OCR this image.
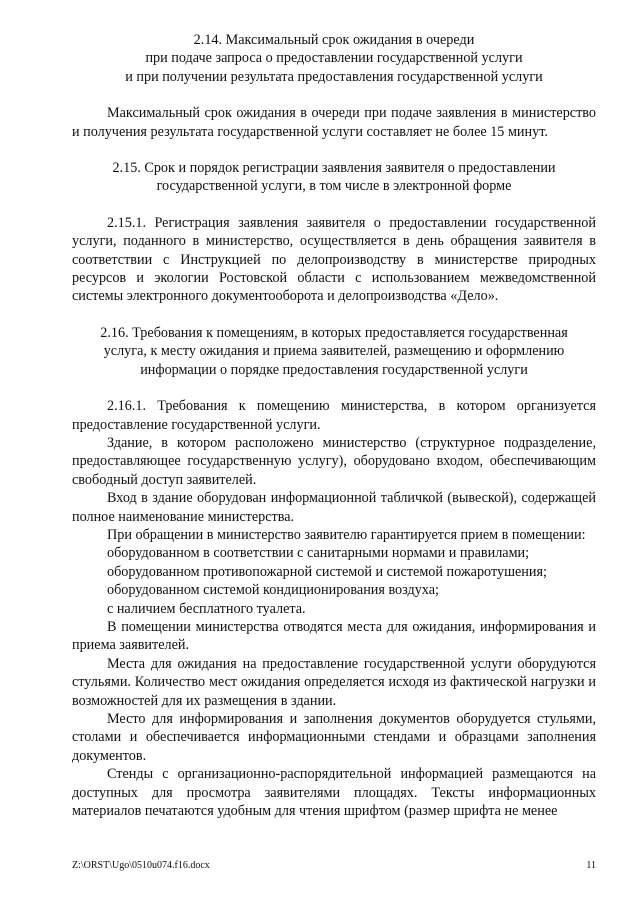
2.14. Максимальный срок ожидания в очереди
при подаче запроса о предоставлении государственной услуги
и при получении результата предоставления государственной услуги

Максимальный срок ожидания в очереди при подаче заявления в министерство и получения результата государственной услуги составляет не более 15 минут.

2.15. Срок и порядок регистрации заявления заявителя о предоставлении
государственной услуги, в том числе в электронной форме

2.15.1. Регистрация заявления заявителя о предоставлении государственной услуги, поданного в министерство, осуществляется в день обращения заявителя в соответствии с Инструкцией по делопроизводству в министерстве природных ресурсов и экологии Ростовской области с использованием межведомственной системы электронного документооборота и делопроизводства «Дело».

2.16. Требования к помещениям, в которых предоставляется государственная
услуга, к месту ожидания и приема заявителей, размещению и оформлению
информации о порядке предоставления государственной услуги

2.16.1. Требования к помещению министерства, в котором организуется предоставление государственной услуги.

Здание, в котором расположено министерство (структурное подразделение, предоставляющее государственную услугу), оборудовано входом, обеспечивающим свободный доступ заявителей.

Вход в здание оборудован информационной табличкой (вывеской), содержащей полное наименование министерства.

При обращении в министерство заявителю гарантируется прием в помещении:

оборудованном в соответствии с санитарными нормами и правилами;

оборудованном противопожарной системой и системой пожаротушения;

оборудованном системой кондиционирования воздуха;

с наличием бесплатного туалета.

В помещении министерства отводятся места для ожидания, информирования и приема заявителей.

Места для ожидания на предоставление государственной услуги оборудуются стульями. Количество мест ожидания определяется исходя из фактической нагрузки и возможностей для их размещения в здании.

Место для информирования и заполнения документов оборудуется стульями, столами и обеспечивается информационными стендами и образцами заполнения документов.

Стенды с организационно-распорядительной информацией размещаются на доступных для просмотра заявителями площадях. Тексты информационных материалов печатаются удобным для чтения шрифтом (размер шрифта не менее

Z:\ORST\Ugo\0510u074.f16.docx	11
